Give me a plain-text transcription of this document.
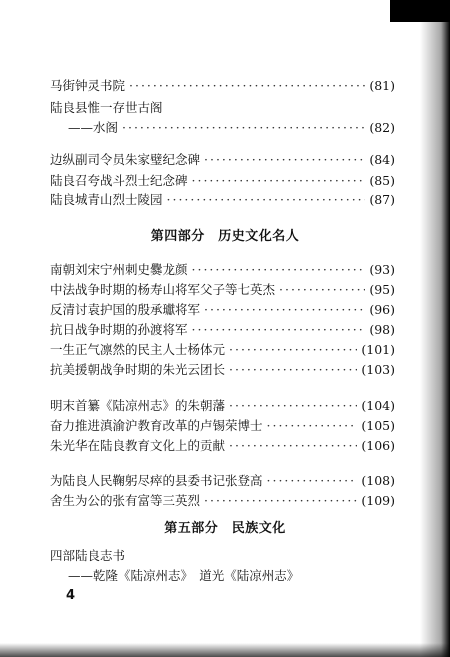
马街钟灵书院 ·····	(81)
陆良县惟一存世古阁
——水阁 ·····	(82)
边纵副司令员朱家璧纪念碑 ·····	(84)
陆良召夸战斗烈士纪念碑 ·····	(85)
陆良城青山烈士陵园 ·····	(87)
第四部分　历史文化名人
南朝刘宋宁州刺史爨龙颜 ·····	(93)
中法战争时期的杨寿山将军父子等七英杰 ·····	(95)
反清讨袁护国的殷承瓛将军 ·····	(96)
抗日战争时期的孙渡将军 ·····	(98)
一生正气凛然的民主人士杨体元 ·····	(101)
抗美援朝战争时期的朱光云团长 ·····	(103)
明末首纂《陆凉州志》的朱朝藩 ·····	(104)
奋力推进滇渝沪教育改革的卢锡荣博士 ·····	(105)
朱光华在陆良教育文化上的贡献 ·····	(106)
为陆良人民鞠躬尽瘁的县委书记张登高 ·····	(108)
舍生为公的张有富等三英烈 ·····	(109)
第五部分　民族文化
四部陆良志书
——乾隆《陆凉州志》　道光《陆凉州志》
4
